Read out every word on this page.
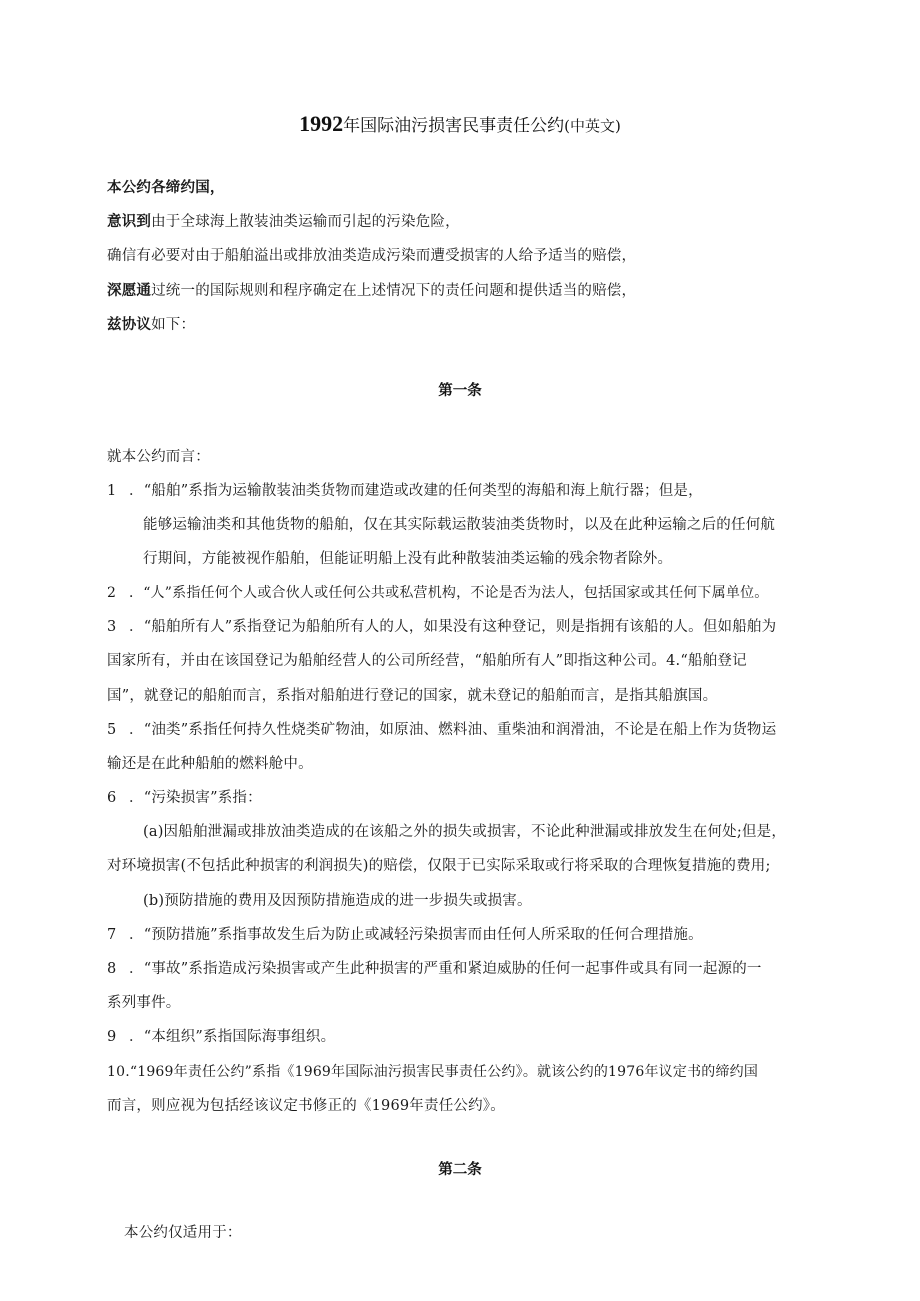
1992年国际油污损害民事责任公约(中英文)
本公约各缔约国，
意识到由于全球海上散装油类运输而引起的污染危险，
确信有必要对由于船舶溢出或排放油类造成污染而遭受损害的人给予适当的赔偿，
深愿通过统一的国际规则和程序确定在上述情况下的责任问题和提供适当的赔偿，
兹协议如下：
第一条
就本公约而言：
1 ．“船舶”系指为运输散装油类货物而建造或改建的任何类型的海船和海上航行器；但是，
能够运输油类和其他货物的船舶，仅在其实际载运散装油类货物时，以及在此种运输之后的任何航
行期间，方能被视作船舶，但能证明船上没有此种散装油类运输的残余物者除外。
2 ．“人”系指任何个人或合伙人或任何公共或私营机构，不论是否为法人，包括国家或其任何下属单位。
3 ．“船舶所有人”系指登记为船舶所有人的人，如果没有这种登记，则是指拥有该船的人。但如船舶为
国家所有，并由在该国登记为船舶经营人的公司所经营，“船舶所有人”即指这种公司。4.“船舶登记
国”，就登记的船舶而言，系指对船舶进行登记的国家，就未登记的船舶而言，是指其船旗国。
5 ．“油类”系指任何持久性烧类矿物油，如原油、燃料油、重柴油和润滑油，不论是在船上作为货物运
输还是在此种船舶的燃料舱中。
6 ．“污染损害”系指：
(a)因船舶泄漏或排放油类造成的在该船之外的损失或损害，不论此种泄漏或排放发生在何处;但是，
对环境损害(不包括此种损害的利润损失)的赔偿，仅限于已实际采取或行将采取的合理恢复措施的费用;
(b)预防措施的费用及因预防措施造成的进一步损失或损害。
7 ．“预防措施”系指事故发生后为防止或减轻污染损害而由任何人所采取的任何合理措施。
8 ．“事故”系指造成污染损害或产生此种损害的严重和紧迫威胁的任何一起事件或具有同一起源的一
系列事件。
9 ．“本组织”系指国际海事组织。
10.“1969年责任公约”系指《1969年国际油污损害民事责任公约》。就该公约的1976年议定书的缔约国
而言，则应视为包括经该议定书修正的《1969年责任公约》。
第二条
本公约仅适用于：
